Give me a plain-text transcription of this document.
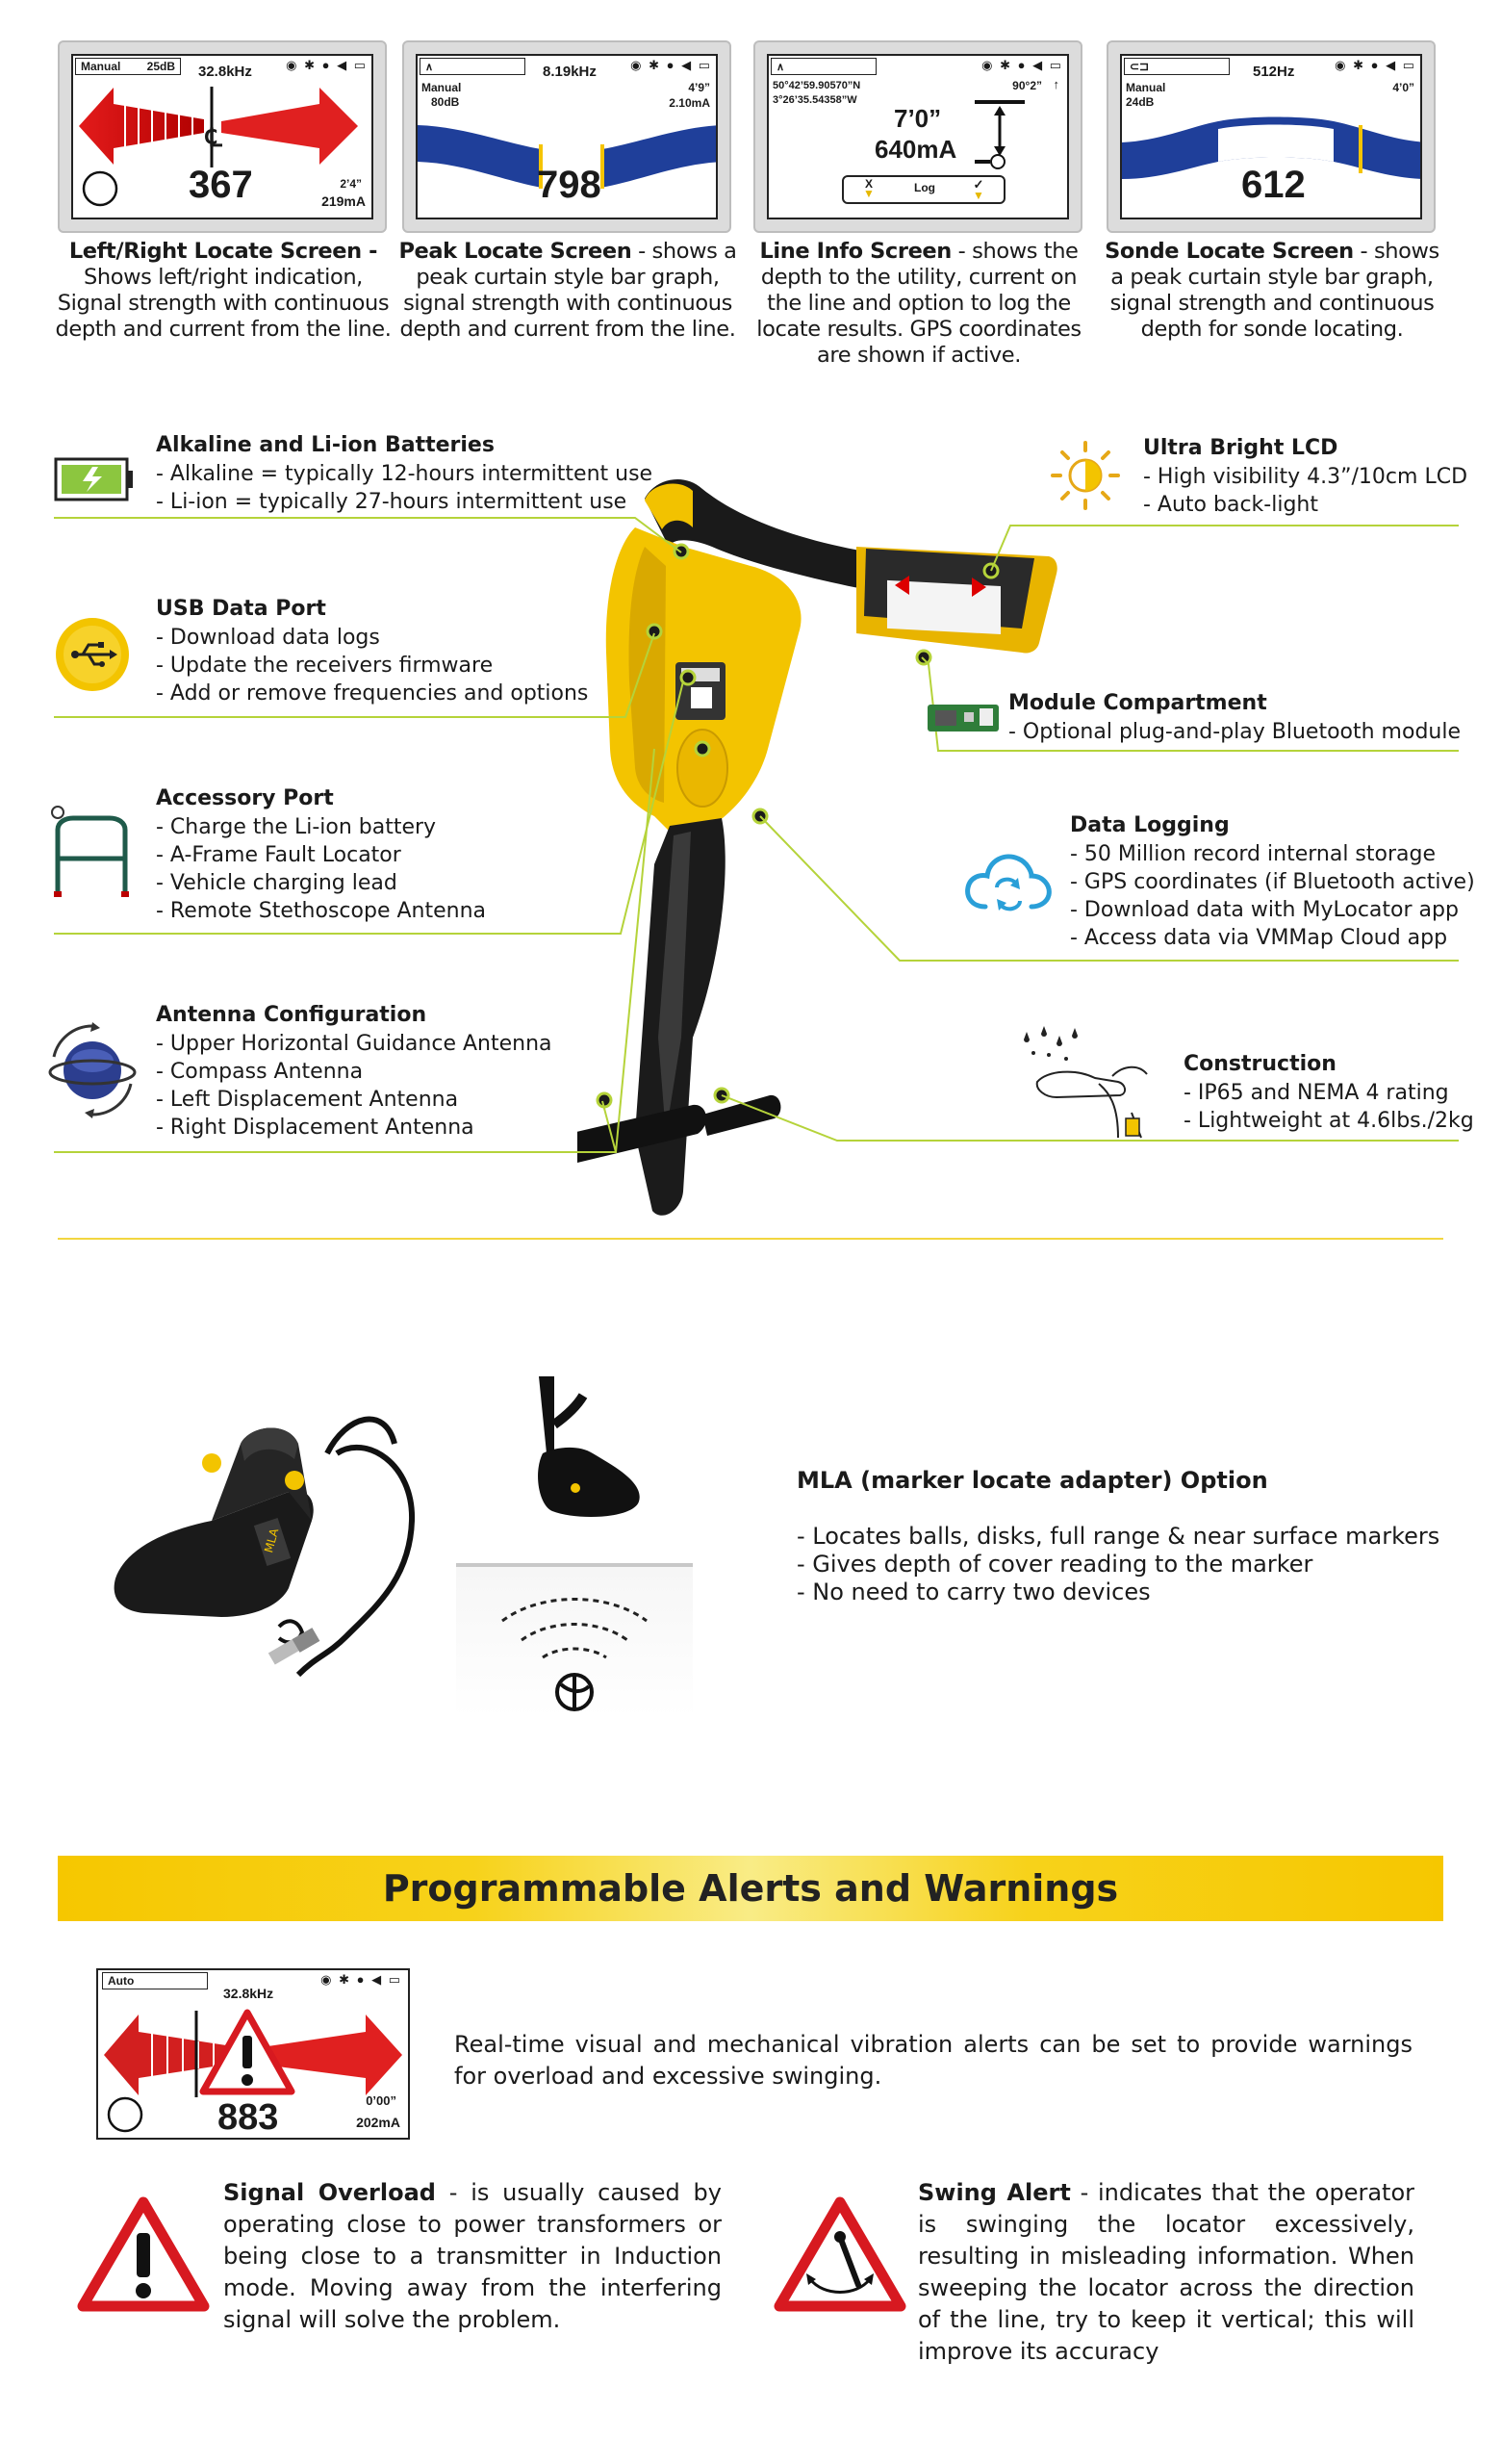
Manual 25dB 32.8kHz	◉ ✱ ● ◀ ▭
℄
367	2’4”
219mA
Left/Right Locate Screen - Shows left/right indication, Signal strength with continuous depth and current from the line.
∧	8.19kHz	◉ ✱ ● ◀ ▭
Manual
80dB
4’9”
2.10mA
798
Peak Locate Screen - shows a peak curtain style bar graph, signal strength with continuous depth and current from the line.
∧	◉ ✱ ● ◀ ▭
50°42’59.90570”N
3°26’35.54358”W
90°2” ↑
7’0”
640mA
X
▼	Log	✓
▼
Line Info Screen - shows the depth to the utility, current on the line and option to log the locate results. GPS coordinates are shown if active.
⊂⊐	512Hz	◉ ✱ ● ◀ ▭
Manual
24dB
4’0”
612
Sonde Locate Screen - shows a peak curtain style bar graph, signal strength and continuous depth for sonde locating.
Alkaline and Li-ion Batteries
- Alkaline = typically 12-hours intermittent use
- Li-ion = typically 27-hours intermittent use
USB Data Port
- Download data logs
- Update the receivers firmware
- Add or remove frequencies and options
Accessory Port
- Charge the Li-ion battery
- A-Frame Fault Locator
- Vehicle charging lead
- Remote Stethoscope Antenna
Antenna Configuration
- Upper Horizontal Guidance Antenna
- Compass Antenna
- Left Displacement Antenna
- Right Displacement Antenna
Ultra Bright LCD
- High visibility 4.3”/10cm LCD
- Auto back-light
Module Compartment
- Optional plug-and-play Bluetooth module
Data Logging
- 50 Million record internal storage
- GPS coordinates (if Bluetooth active)
- Download data with MyLocator app
- Access data via VMMap Cloud app
Construction
- IP65 and NEMA 4 rating
- Lightweight at 4.6lbs./2kg
MLA
MLA (marker locate adapter) Option
- Locates balls, disks, full range & near surface markers
- Gives depth of cover reading to the marker
- No need to carry two devices
Programmable Alerts and Warnings
Auto
32.8kHz
◉ ✱ ● ◀ ▭
883	0’00”
202mA
Real-time visual and mechanical vibration alerts can be set to provide warnings for overload and excessive swinging.
Signal Overload - is usually caused by operating close to power transformers or being close to a transmitter in Induction mode. Moving away from the interfering signal will solve the problem.
Swing Alert - indicates that the operator is swinging the locator excessively, resulting in misleading information. When sweeping the locator across the direction of the line, try to keep it vertical; this will improve its accuracy
